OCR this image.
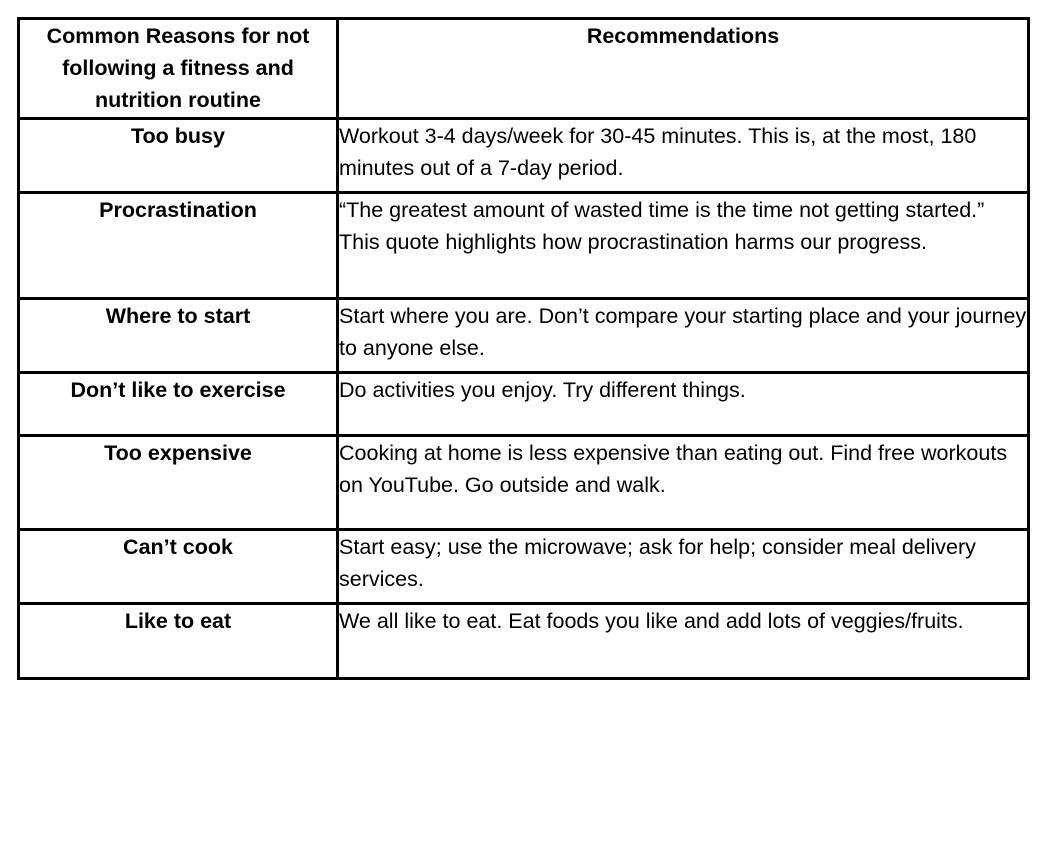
Common Reasons for not following a fitness and nutrition routine	Recommendations
Too busy	Workout 3-4 days/week for 30-45 minutes. This is, at the most, 180 minutes out of a 7-day period.
Procrastination	“The greatest amount of wasted time is the time not getting started.” This quote highlights how procrastination harms our progress.
Where to start	Start where you are. Don’t compare your starting place and your journey to anyone else.
Don’t like to exercise	Do activities you enjoy. Try different things.
Too expensive	Cooking at home is less expensive than eating out. Find free workouts on YouTube. Go outside and walk.
Can’t cook	Start easy; use the microwave; ask for help; consider meal delivery services.
Like to eat	We all like to eat. Eat foods you like and add lots of veggies/fruits.
